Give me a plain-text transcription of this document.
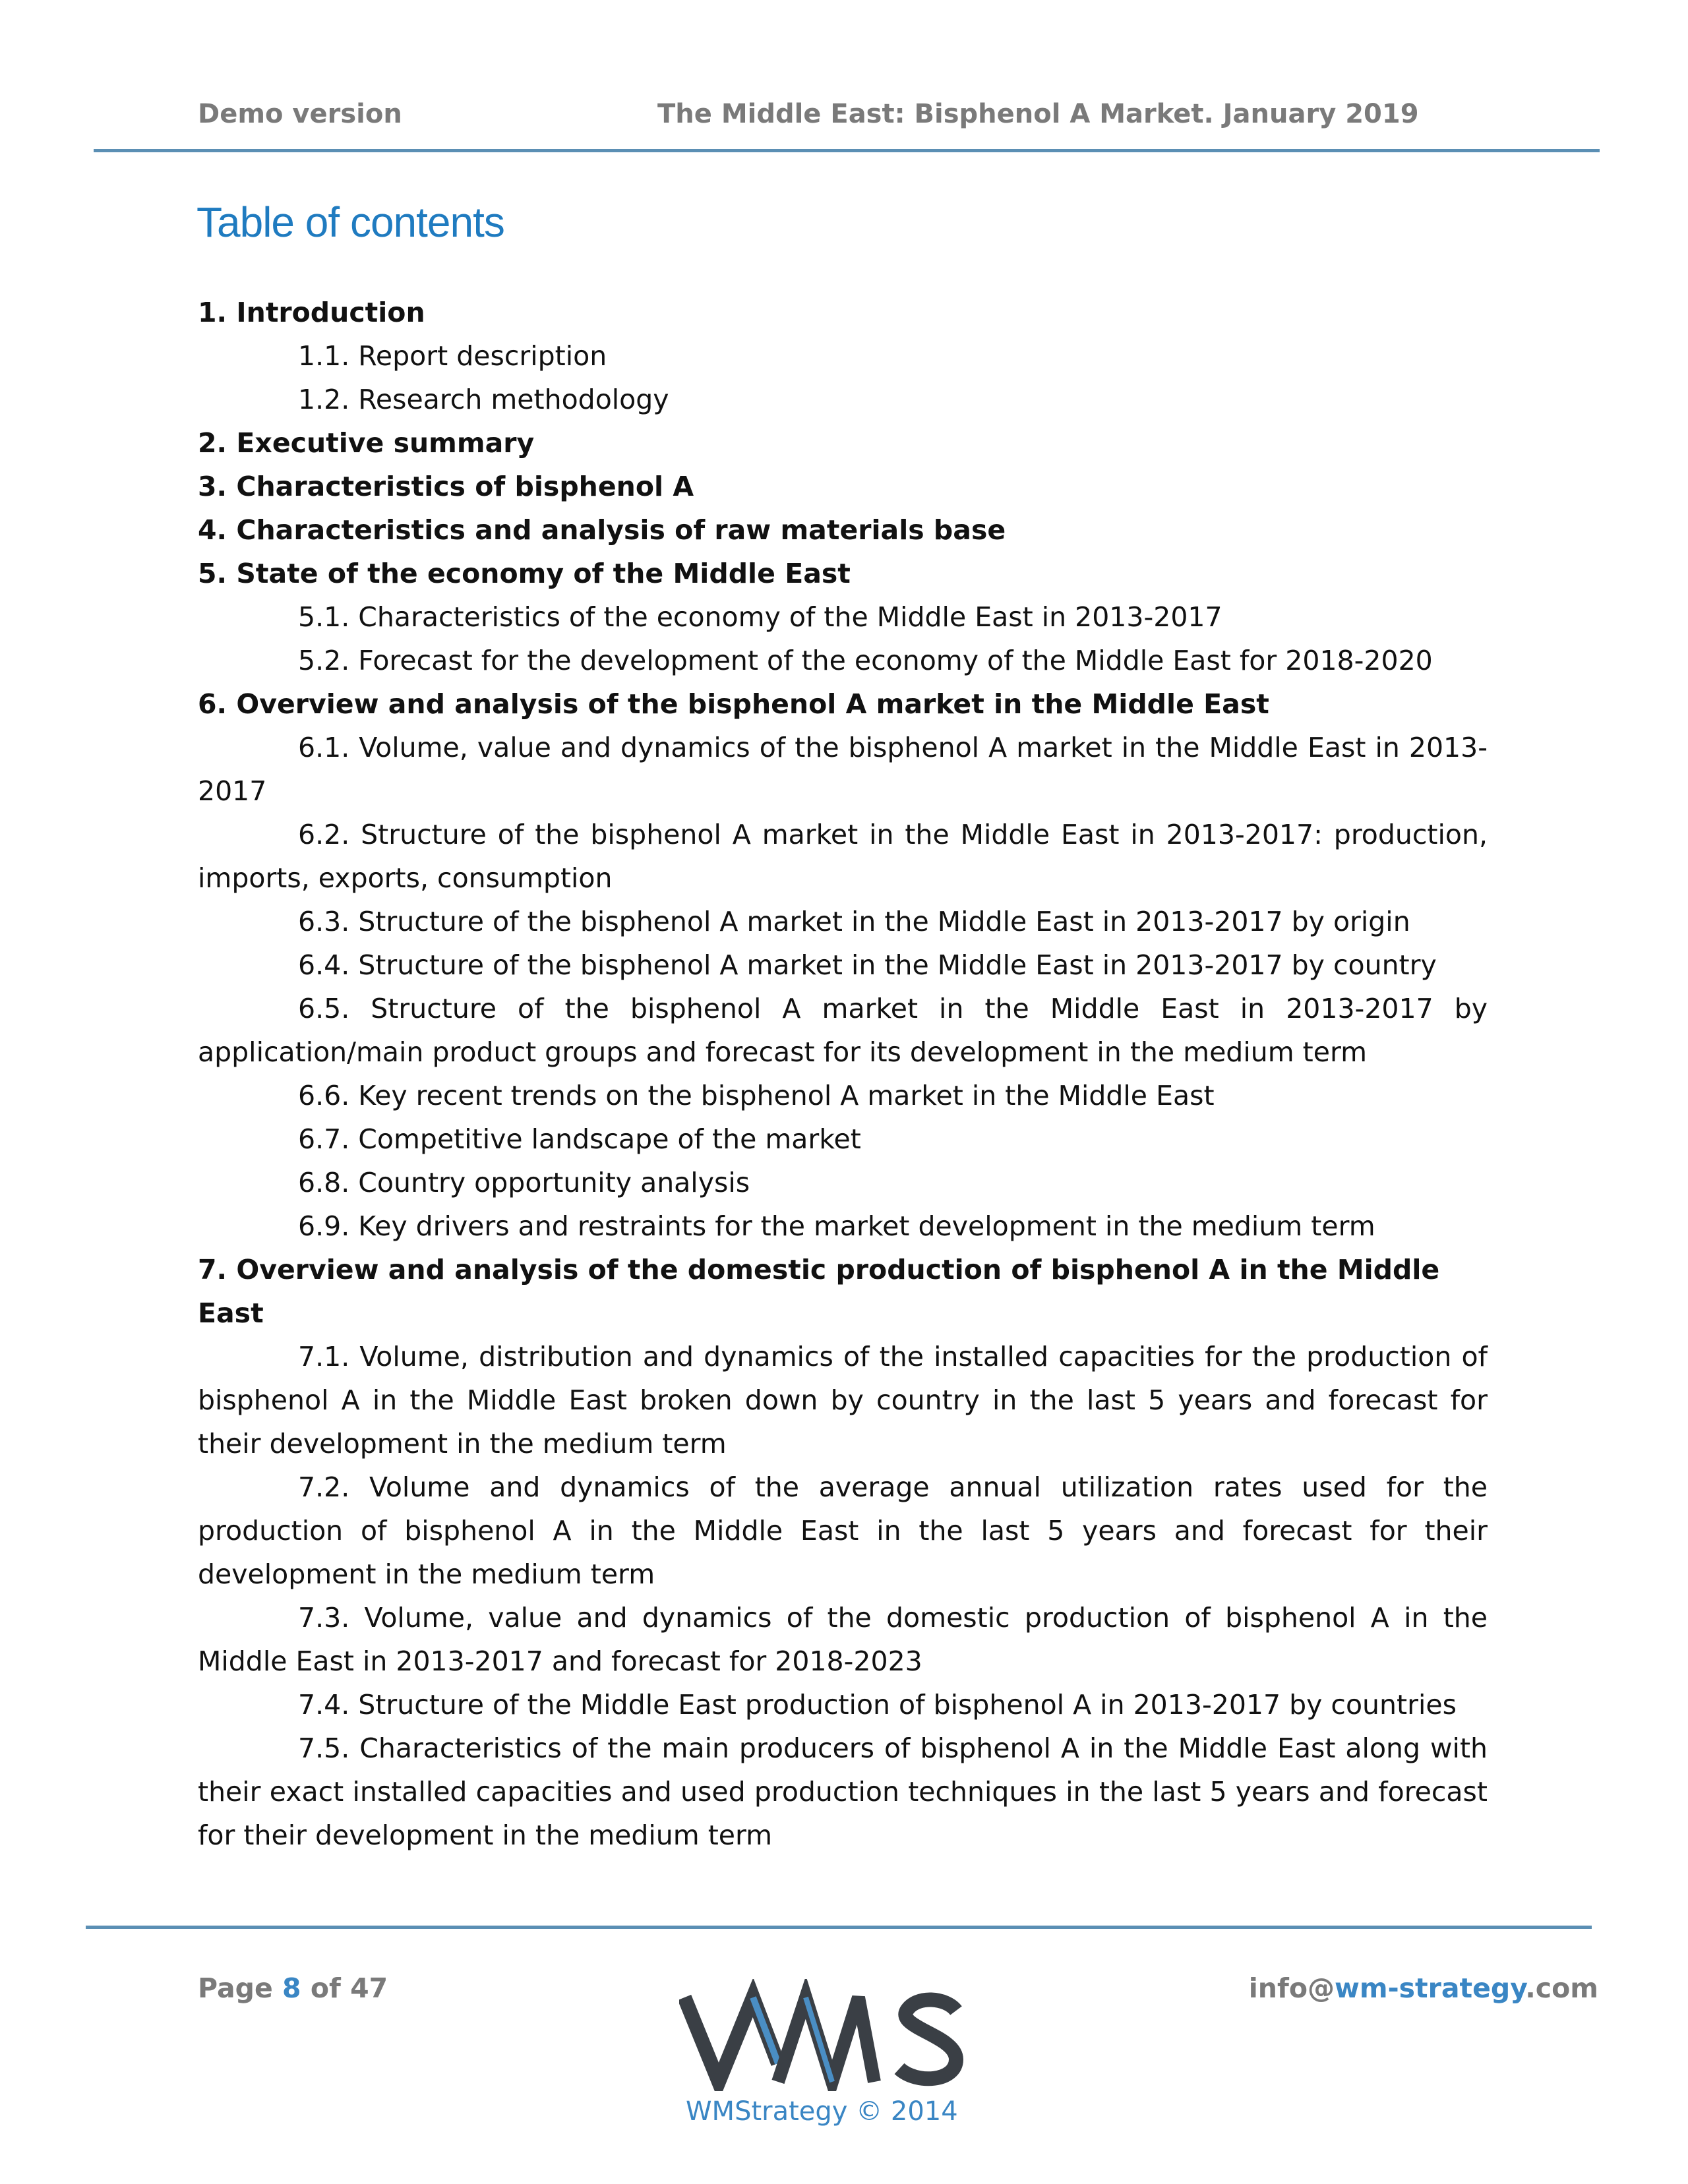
Demo version	The Middle East: Bisphenol A Market. January 2019
Table of contents

1. Introduction

1.1. Report description

1.2. Research methodology

2. Executive summary

3. Characteristics of bisphenol A

4. Characteristics and analysis of raw materials base

5. State of the economy of the Middle East

5.1. Characteristics of the economy of the Middle East in 2013-2017

5.2. Forecast for the development of the economy of the Middle East for 2018-2020

6. Overview and analysis of the bisphenol A market in the Middle East

6.1. Volume, value and dynamics of the bisphenol A market in the Middle East in 2013-2017

6.2. Structure of the bisphenol A market in the Middle East in 2013-2017: production, imports, exports, consumption

6.3. Structure of the bisphenol A market in the Middle East in 2013-2017 by origin

6.4. Structure of the bisphenol A market in the Middle East in 2013-2017 by country

6.5. Structure of the bisphenol A market in the Middle East in 2013-2017 by application/main product groups and forecast for its development in the medium term

6.6. Key recent trends on the bisphenol A market in the Middle East

6.7. Competitive landscape of the market

6.8. Country opportunity analysis

6.9. Key drivers and restraints for the market development in the medium term

7. Overview and analysis of the domestic production of bisphenol A in the Middle East

7.1. Volume, distribution and dynamics of the installed capacities for the production of bisphenol A in the Middle East broken down by country in the last 5 years and forecast for their development in the medium term

7.2. Volume and dynamics of the average annual utilization rates used for the production of bisphenol A in the Middle East in the last 5 years and forecast for their development in the medium term

7.3. Volume, value and dynamics of the domestic production of bisphenol A in the Middle East in 2013-2017 and forecast for 2018-2023

7.4. Structure of the Middle East production of bisphenol A in 2013-2017 by countries

7.5. Characteristics of the main producers of bisphenol A in the Middle East along with their exact installed capacities and used production techniques in the last 5 years and forecast for their development in the medium term

Page 8 of 47	info@wm-strategy.com
WMStrategy © 2014
